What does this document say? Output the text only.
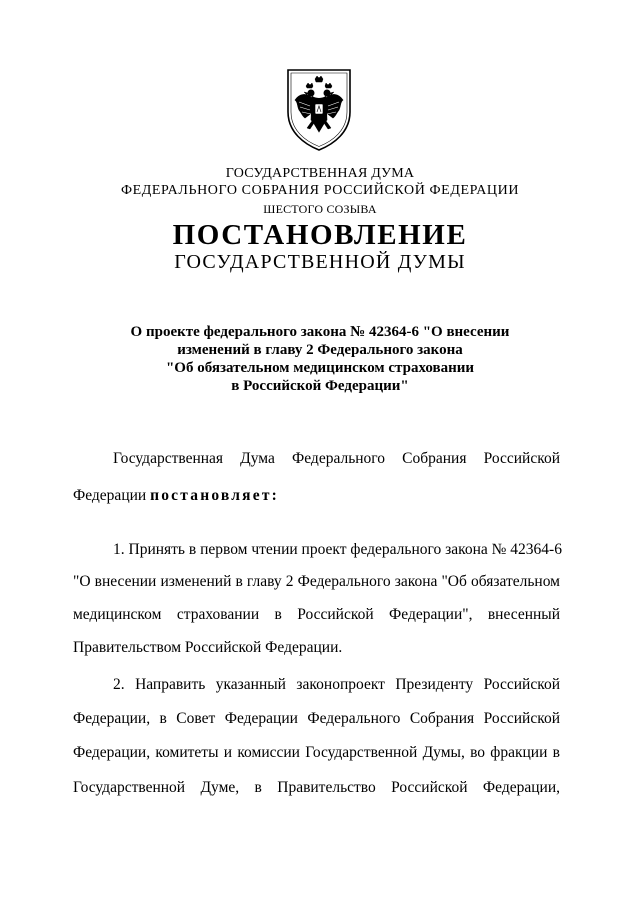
ГОСУДАРСТВЕННАЯ ДУМА
ФЕДЕРАЛЬНОГО СОБРАНИЯ РОССИЙСКОЙ ФЕДЕРАЦИИ
ШЕСТОГО СОЗЫВА
ПОСТАНОВЛЕНИЕ
ГОСУДАРСТВЕННОЙ ДУМЫ
О проекте федерального закона № 42364-6 "О внесении
изменений в главу 2 Федерального закона
"Об обязательном медицинском страховании
в Российской Федерации"
Государственная Дума Федерального Собрания Российской
Федерации постановляет:
1. Принять в первом чтении проект федерального закона № 42364-6
"О внесении изменений в главу 2 Федерального закона "Об обязательном
медицинском страховании в Российской Федерации", внесенный
Правительством Российской Федерации.
2. Направить указанный законопроект Президенту Российской
Федерации, в Совет Федерации Федерального Собрания Российской
Федерации, комитеты и комиссии Государственной Думы, во фракции в
Государственной Думе, в Правительство Российской Федерации,
